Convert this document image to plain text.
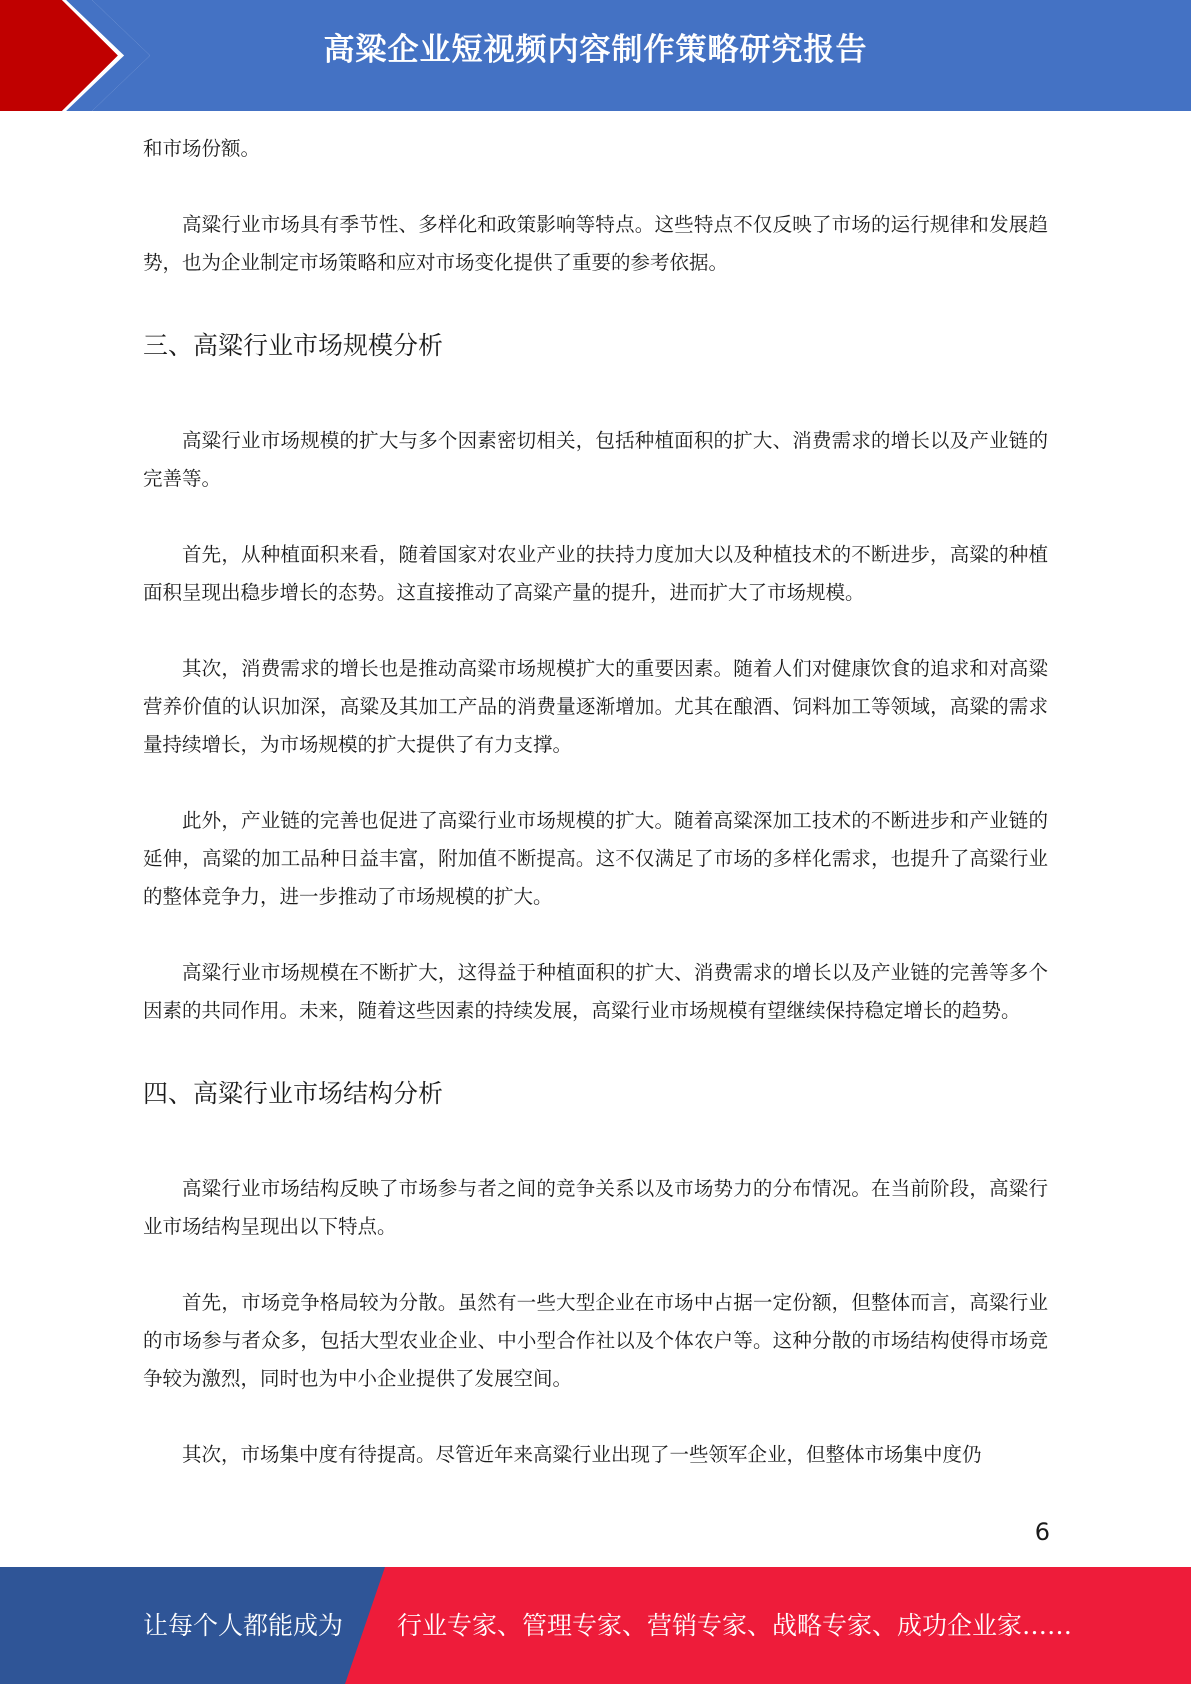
高粱企业短视频内容制作策略研究报告

和市场份额。

高粱行业市场具有季节性、多样化和政策影响等特点。这些特点不仅反映了市场的运行规律和发展趋势，也为企业制定市场策略和应对市场变化提供了重要的参考依据。

三、高粱行业市场规模分析

高粱行业市场规模的扩大与多个因素密切相关，包括种植面积的扩大、消费需求的增长以及产业链的完善等。

首先，从种植面积来看，随着国家对农业产业的扶持力度加大以及种植技术的不断进步，高粱的种植面积呈现出稳步增长的态势。这直接推动了高粱产量的提升，进而扩大了市场规模。

其次，消费需求的增长也是推动高粱市场规模扩大的重要因素。随着人们对健康饮食的追求和对高粱营养价值的认识加深，高粱及其加工产品的消费量逐渐增加。尤其在酿酒、饲料加工等领域，高粱的需求量持续增长，为市场规模的扩大提供了有力支撑。

此外，产业链的完善也促进了高粱行业市场规模的扩大。随着高粱深加工技术的不断进步和产业链的延伸，高粱的加工品种日益丰富，附加值不断提高。这不仅满足了市场的多样化需求，也提升了高粱行业的整体竞争力，进一步推动了市场规模的扩大。

高粱行业市场规模在不断扩大，这得益于种植面积的扩大、消费需求的增长以及产业链的完善等多个因素的共同作用。未来，随着这些因素的持续发展，高粱行业市场规模有望继续保持稳定增长的趋势。

四、高粱行业市场结构分析

高粱行业市场结构反映了市场参与者之间的竞争关系以及市场势力的分布情况。在当前阶段，高粱行业市场结构呈现出以下特点。

首先，市场竞争格局较为分散。虽然有一些大型企业在市场中占据一定份额，但整体而言，高粱行业的市场参与者众多，包括大型农业企业、中小型合作社以及个体农户等。这种分散的市场结构使得市场竞争较为激烈，同时也为中小企业提供了发展空间。

其次，市场集中度有待提高。尽管近年来高粱行业出现了一些领军企业，但整体市场集中度仍

6
让每个人都能成为 行业专家、管理专家、营销专家、战略专家、成功企业家……
